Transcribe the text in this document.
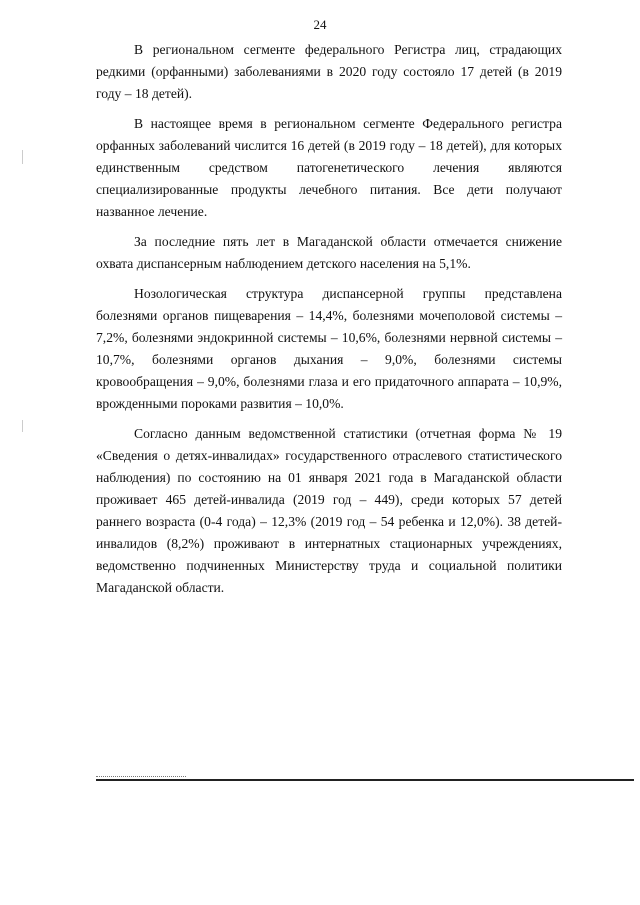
24

В региональном сегменте федерального Регистра лиц, страдающих редкими (орфанными) заболеваниями в 2020 году состояло 17 детей (в 2019 году – 18 детей).

В настоящее время в региональном сегменте Федерального регистра орфанных заболеваний числится 16 детей (в 2019 году – 18 детей), для которых единственным средством патогенетического лечения являются специализированные продукты лечебного питания. Все дети получают названное лечение.

За последние пять лет в Магаданской области отмечается снижение охвата диспансерным наблюдением детского населения на 5,1%.

Нозологическая структура диспансерной группы представлена болезнями органов пищеварения – 14,4%, болезнями мочеполовой системы – 7,2%, болезнями эндокринной системы – 10,6%, болезнями нервной системы – 10,7%, болезнями органов дыхания – 9,0%, болезнями системы кровообращения – 9,0%, болезнями глаза и его придаточного аппарата – 10,9%, врожденными пороками развития – 10,0%.

Согласно данным ведомственной статистики (отчетная форма № 19 «Сведения о детях-инвалидах» государственного отраслевого статистического наблюдения) по состоянию на 01 января 2021 года в Магаданской области проживает 465 детей-инвалида (2019 год – 449), среди которых 57 детей раннего возраста (0-4 года) – 12,3% (2019 год – 54 ребенка и 12,0%). 38 детей-инвалидов (8,2%) проживают в интернатных стационарных учреждениях, ведомственно подчиненных Министерству труда и социальной политики Магаданской области.
